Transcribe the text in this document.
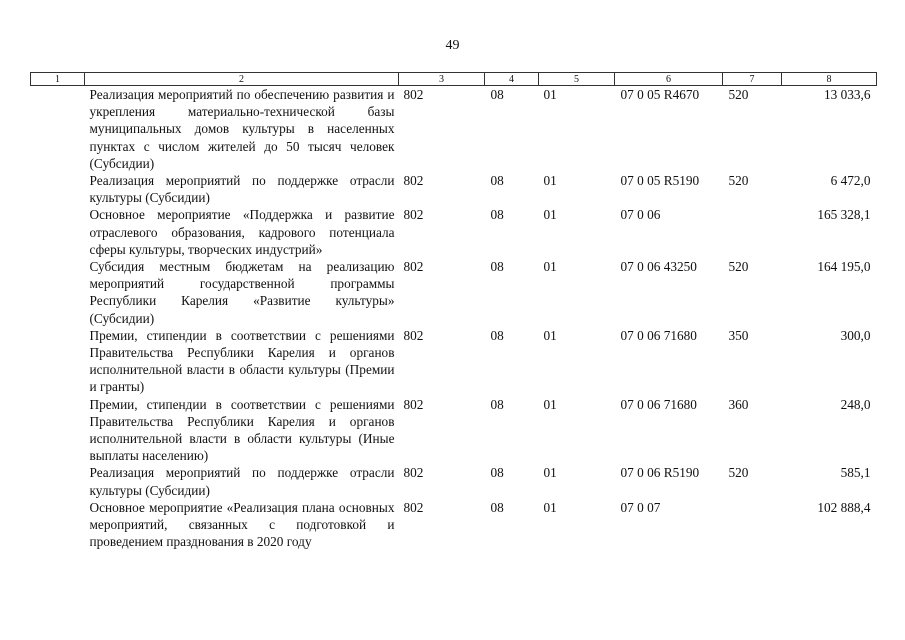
49
1	2	3	4	5	6	7	8
	Реализация мероприятий по обеспечению развития и укрепления материально-технической базы муниципальных домов культуры в населенных пунктах с числом жителей до 50 тысяч человек (Субсидии)	802	08	01	07 0 05 R4670	520	13 033,6
	Реализация мероприятий по поддержке отрасли культуры (Субсидии)	802	08	01	07 0 05 R5190	520	6 472,0
	Основное мероприятие «Поддержка и развитие отраслевого образования, кадрового потенциала сферы культуры, творческих индустрий»	802	08	01	07 0 06		165 328,1
	Субсидия местным бюджетам на реализацию мероприятий государственной программы Республики Карелия «Развитие культуры» (Субсидии)	802	08	01	07 0 06 43250	520	164 195,0
	Премии, стипендии в соответствии с решениями Правительства Республики Карелия и органов исполнительной власти в области культуры (Премии и гранты)	802	08	01	07 0 06 71680	350	300,0
	Премии, стипендии в соответствии с решениями Правительства Республики Карелия и органов исполнительной власти в области культуры (Иные выплаты населению)	802	08	01	07 0 06 71680	360	248,0
	Реализация мероприятий по поддержке отрасли культуры (Субсидии)	802	08	01	07 0 06 R5190	520	585,1
	Основное мероприятие «Реализация плана основных мероприятий, связанных с подготовкой и проведением празднования в 2020 году	802	08	01	07 0 07		102 888,4
